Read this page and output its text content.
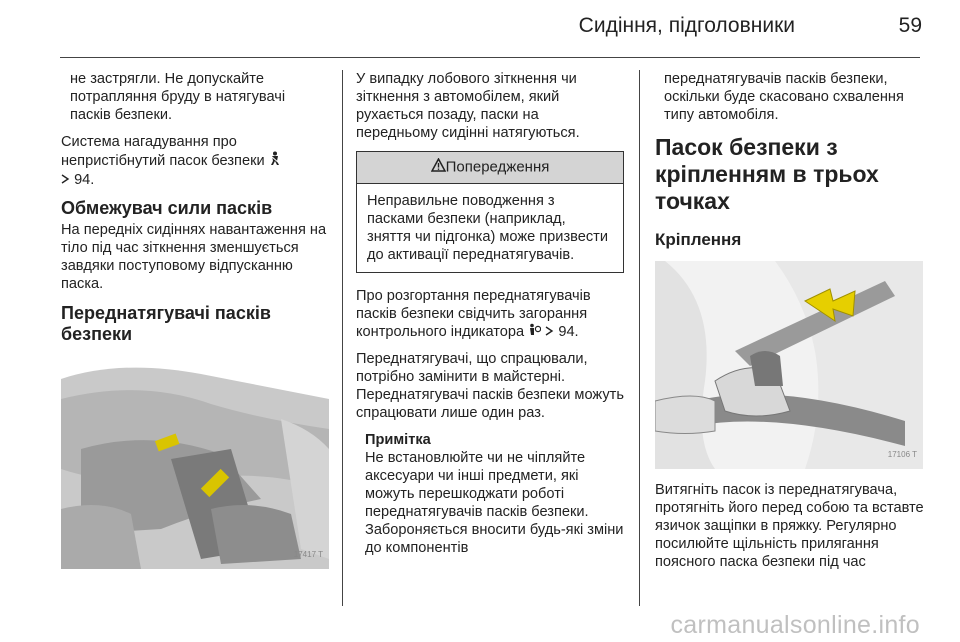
Сидіння, підголовники	59

не застрягли. Не допускайте потрапляння бруду в натягувачі пасків безпеки.

Система нагадування про непристібнутий пасок безпеки
94.

Обмежувач сили пасків

На передніх сидіннях навантаження на тіло під час зіткнення зменшується завдяки поступовому відпусканню паска.

Переднатягувачі пасків безпеки
17417 T

У випадку лобового зіткнення чи зіткнення з автомобілем, який рухається позаду, паски на передньому сидінні натягуються.

Попередження
Неправильне поводження з пасками безпеки (наприклад, зняття чи підгонка) може призвести до активації переднатягувачів.

Про розгортання переднатягувачів пасків безпеки свідчить загорання контрольного індикатора 94.

Переднатягувачі, що спрацювали, потрібно замінити в майстерні. Переднатягувачі пасків безпеки можуть спрацювати лише один раз.

Примітка
Не встановлюйте чи не чіпляйте аксесуари чи інші предмети, які можуть перешкоджати роботі переднатягувачів пасків безпеки. Забороняється вносити будь-які зміни до компонентів

переднатягувачів пасків безпеки, оскільки буде скасовано схвалення типу автомобіля.

Пасок безпеки з кріпленням в трьох точках
Кріплення
17106 T

Витягніть пасок із переднатягувача, протягніть його перед собою та вставте язичок защіпки в пряжку. Регулярно посилюйте щільність прилягання поясного паска безпеки під час

carmanualsonline.info
